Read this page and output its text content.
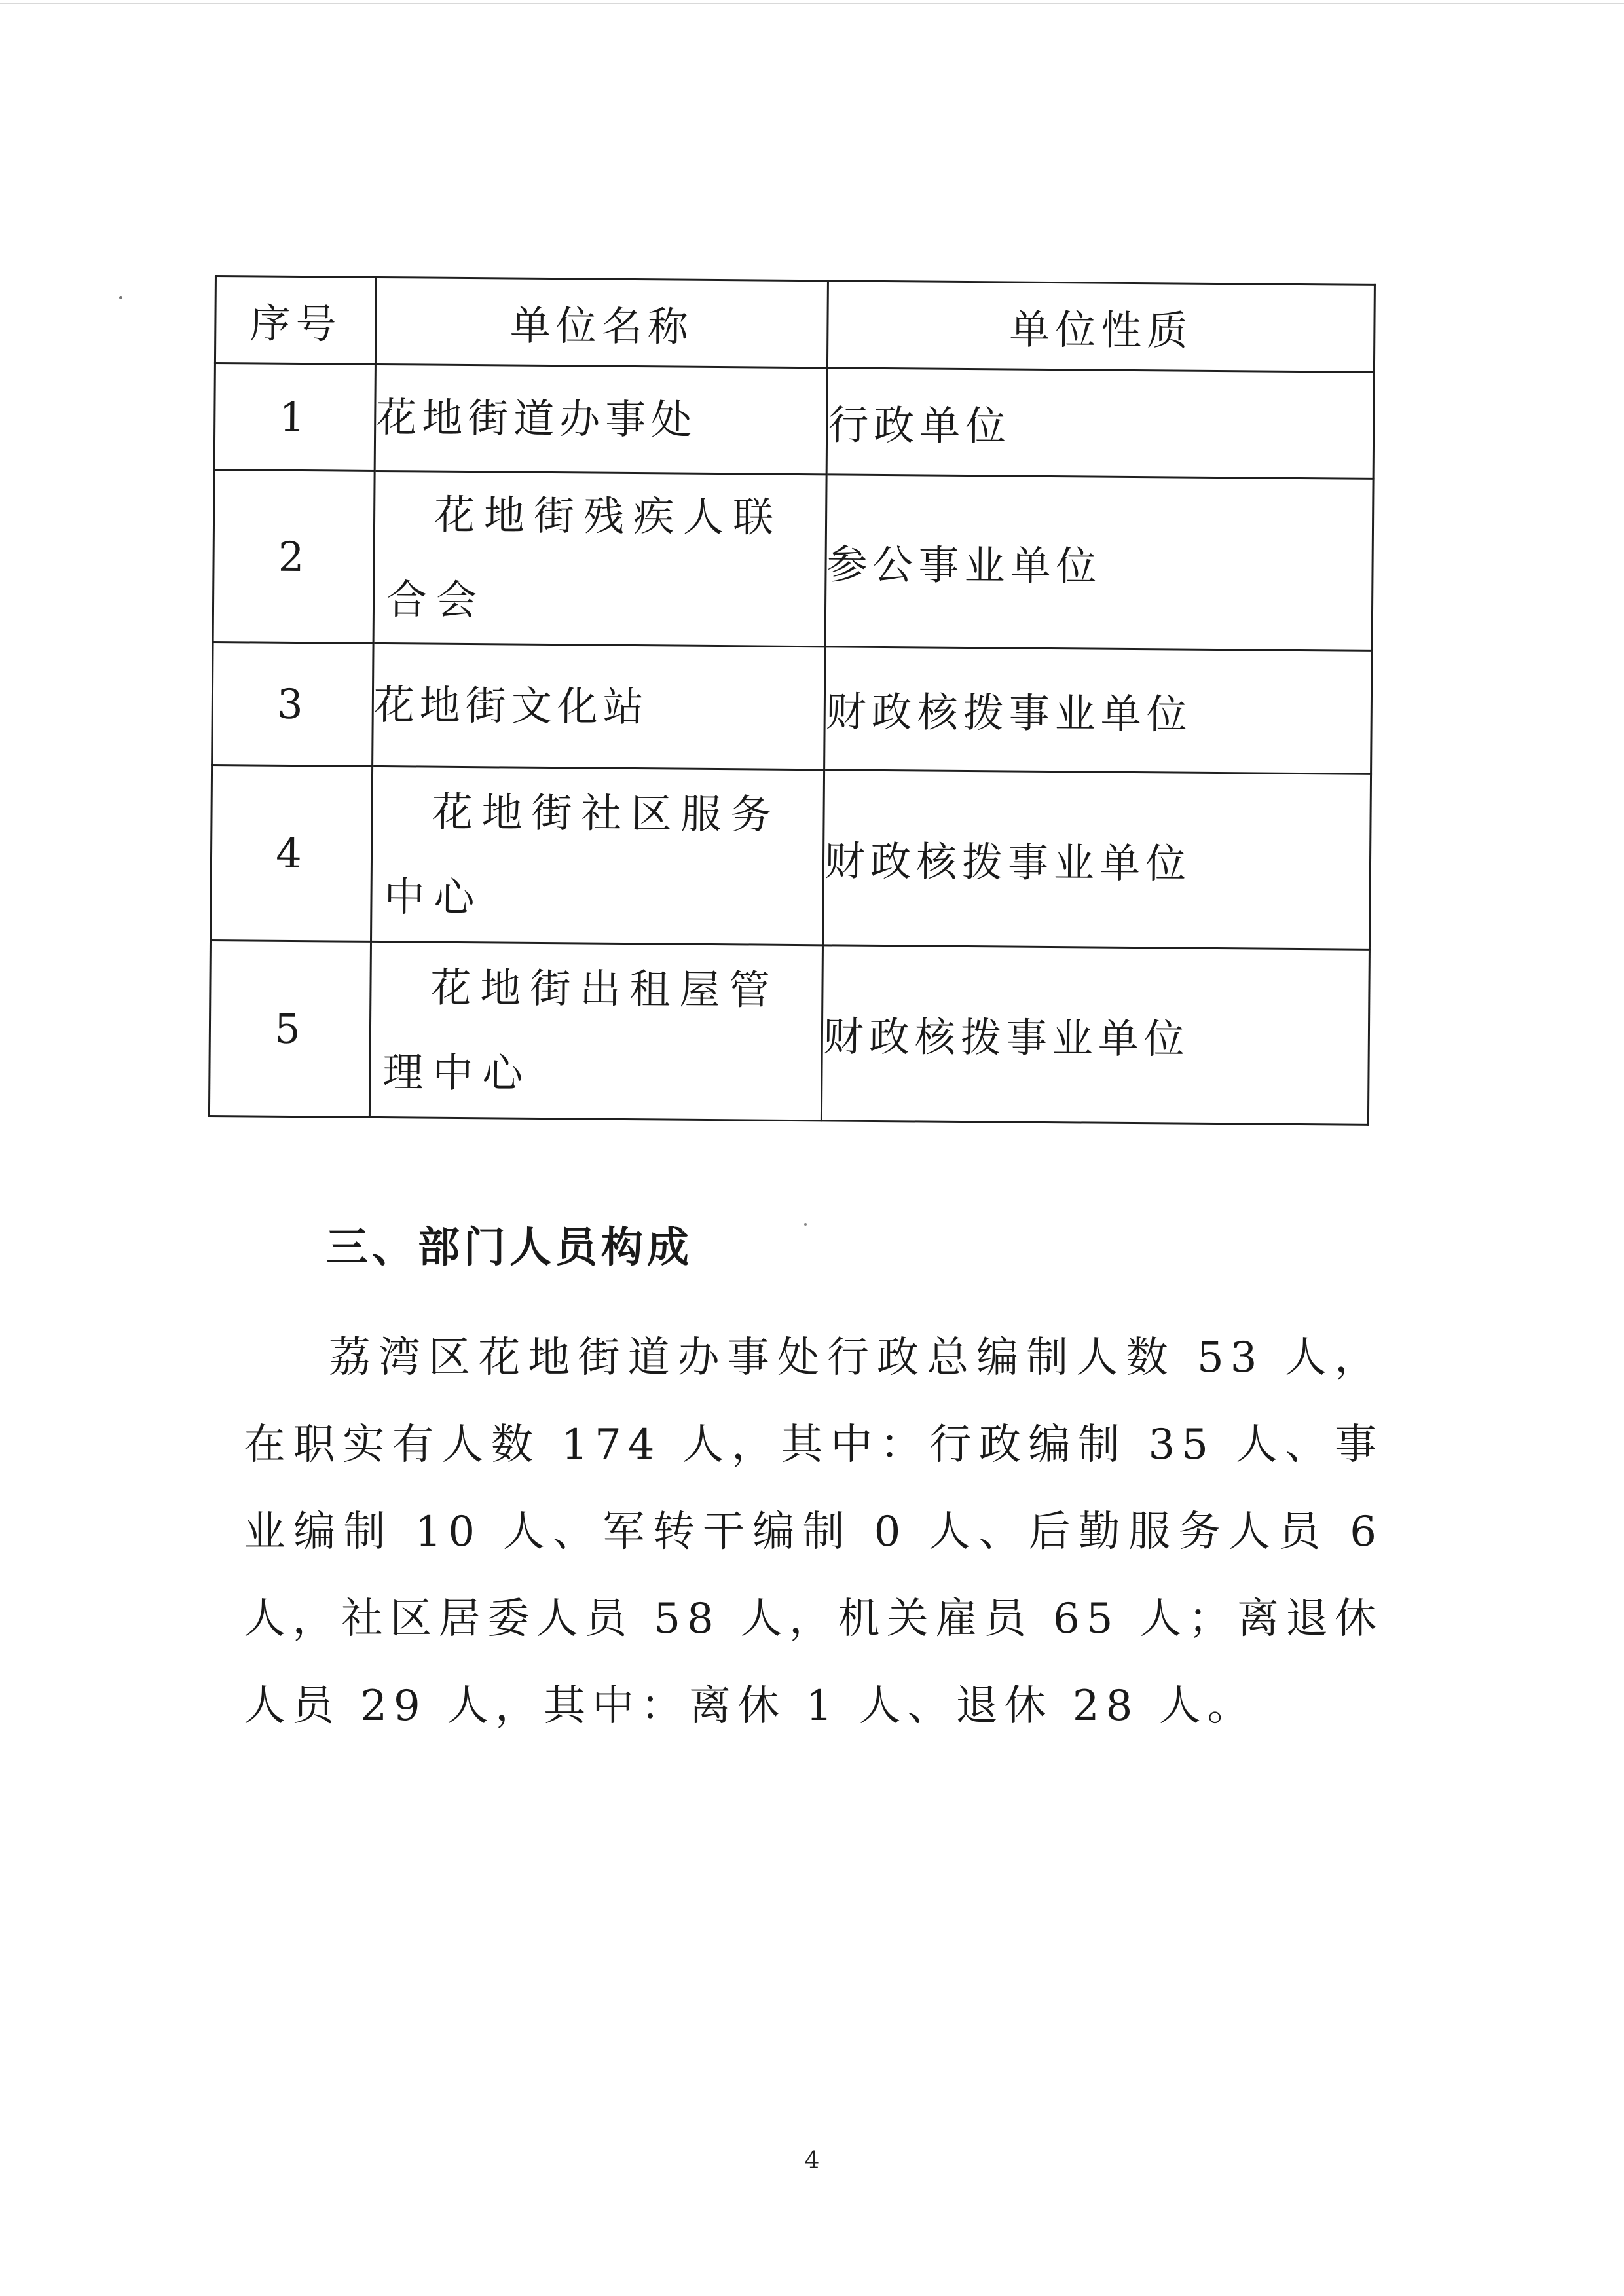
序号	单位名称	单位性质
1	花地街道办事处	行政单位
2	花地街残疾人联合会	参公事业单位
3	花地街文化站	财政核拨事业单位
4	花地街社区服务中心	财政核拨事业单位
5	花地街出租屋管理中心	财政核拨事业单位
三、部门人员构成

荔湾区花地街道办事处行政总编制人数 53 人，在职实有人数 174 人，其中：行政编制 35 人、事业编制 10 人、军转干编制 0 人、后勤服务人员 6 人，社区居委人员 58 人，机关雇员 65 人；离退休人员 29 人，其中：离休 1 人、退休 28 人。

4
